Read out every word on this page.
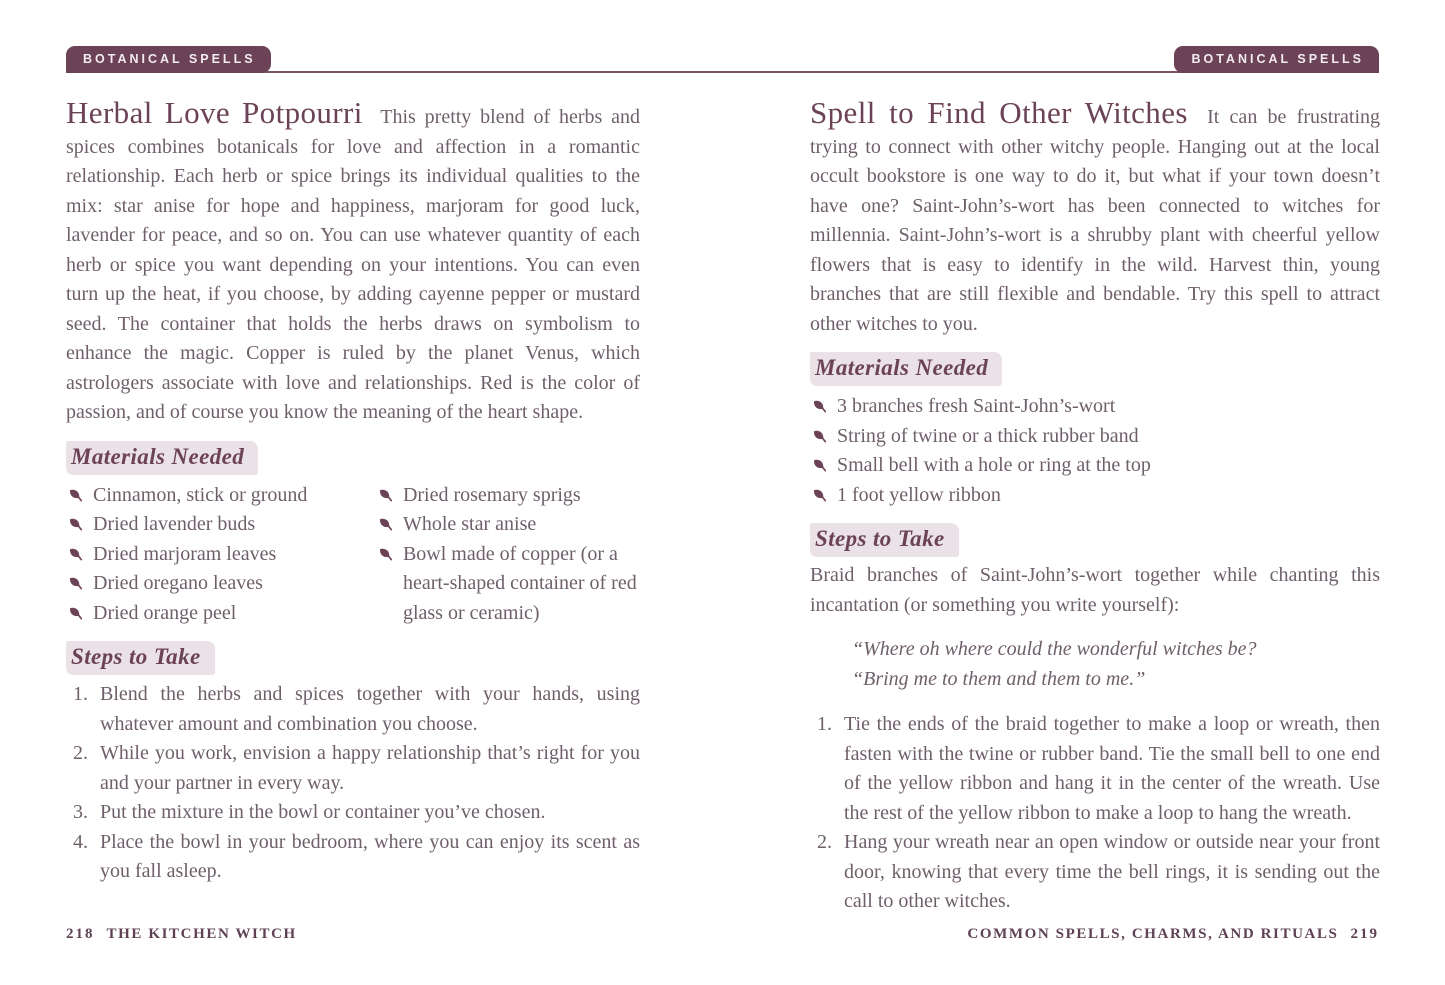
BOTANICAL SPELLS	BOTANICAL SPELLS

Herbal Love Potpourri This pretty blend of herbs and spices combines botanicals for love and affection in a romantic relationship. Each herb or spice brings its individual qualities to the mix: star anise for hope and happiness, marjoram for good luck, lavender for peace, and so on. You can use whatever quantity of each herb or spice you want depending on your intentions. You can even turn up the heat, if you choose, by adding cayenne pepper or mustard seed. The container that holds the herbs draws on symbolism to enhance the magic. Copper is ruled by the planet Venus, which astrologers associate with love and relationships. Red is the color of passion, and of course you know the meaning of the heart shape.

Materials Needed
Cinnamon, stick or ground
Dried lavender buds
Dried marjoram leaves
Dried oregano leaves
Dried orange peel
Dried rosemary sprigs
Whole star anise
Bowl made of copper (or a heart-shaped container of red glass or ceramic)
Steps to Take
Blend the herbs and spices together with your hands, using whatever amount and combination you choose.
While you work, envision a happy relationship that’s right for you and your partner in every way.
Put the mixture in the bowl or container you’ve chosen.
Place the bowl in your bedroom, where you can enjoy its scent as you fall asleep.

Spell to Find Other Witches It can be frustrating trying to connect with other witchy people. Hanging out at the local occult bookstore is one way to do it, but what if your town doesn’t have one? Saint-John’s-wort has been connected to witches for millennia. Saint-John’s-wort is a shrubby plant with cheerful yellow flowers that is easy to identify in the wild. Harvest thin, young branches that are still flexible and bendable. Try this spell to attract other witches to you.

Materials Needed
3 branches fresh Saint-John’s-wort
String of twine or a thick rubber band
Small bell with a hole or ring at the top
1 foot yellow ribbon
Steps to Take

Braid branches of Saint-John’s-wort together while chanting this incantation (or something you write yourself):

“Where oh where could the wonderful witches be?
“Bring me to them and them to me.”
Tie the ends of the braid together to make a loop or wreath, then fasten with the twine or rubber band. Tie the small bell to one end of the yellow ribbon and hang it in the center of the wreath. Use the rest of the yellow ribbon to make a loop to hang the wreath.
Hang your wreath near an open window or outside near your front door, knowing that every time the bell rings, it is sending out the call to other witches.
218 THE KITCHEN WITCH	COMMON SPELLS, CHARMS, AND RITUALS 219
